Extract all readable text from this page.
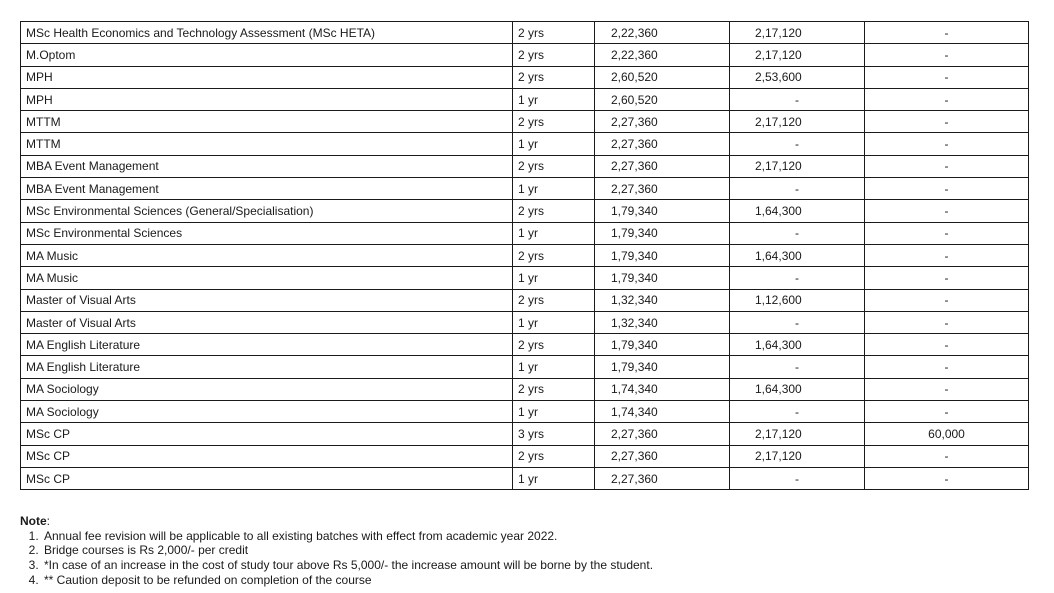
MSc Health Economics and Technology Assessment (MSc HETA)	2 yrs	2,22,360	2,17,120	-
M.Optom	2 yrs	2,22,360	2,17,120	-
MPH	2 yrs	2,60,520	2,53,600	-
MPH	1 yr	2,60,520	-	-
MTTM	2 yrs	2,27,360	2,17,120	-
MTTM	1 yr	2,27,360	-	-
MBA Event Management	2 yrs	2,27,360	2,17,120	-
MBA Event Management	1 yr	2,27,360	-	-
MSc Environmental Sciences (General/Specialisation)	2 yrs	1,79,340	1,64,300	-
MSc Environmental Sciences	1 yr	1,79,340	-	-
MA Music	2 yrs	1,79,340	1,64,300	-
MA Music	1 yr	1,79,340	-	-
Master of Visual Arts	2 yrs	1,32,340	1,12,600	-
Master of Visual Arts	1 yr	1,32,340	-	-
MA English Literature	2 yrs	1,79,340	1,64,300	-
MA English Literature	1 yr	1,79,340	-	-
MA Sociology	2 yrs	1,74,340	1,64,300	-
MA Sociology	1 yr	1,74,340	-	-
MSc CP	3 yrs	2,27,360	2,17,120	60,000
MSc CP	2 yrs	2,27,360	2,17,120	-
MSc CP	1 yr	2,27,360	-	-
Note:
1. Annual fee revision will be applicable to all existing batches with effect from academic year 2022.
2. Bridge courses is Rs 2,000/- per credit
3. *In case of an increase in the cost of study tour above Rs 5,000/- the increase amount will be borne by the student.
4. ** Caution deposit to be refunded on completion of the course
